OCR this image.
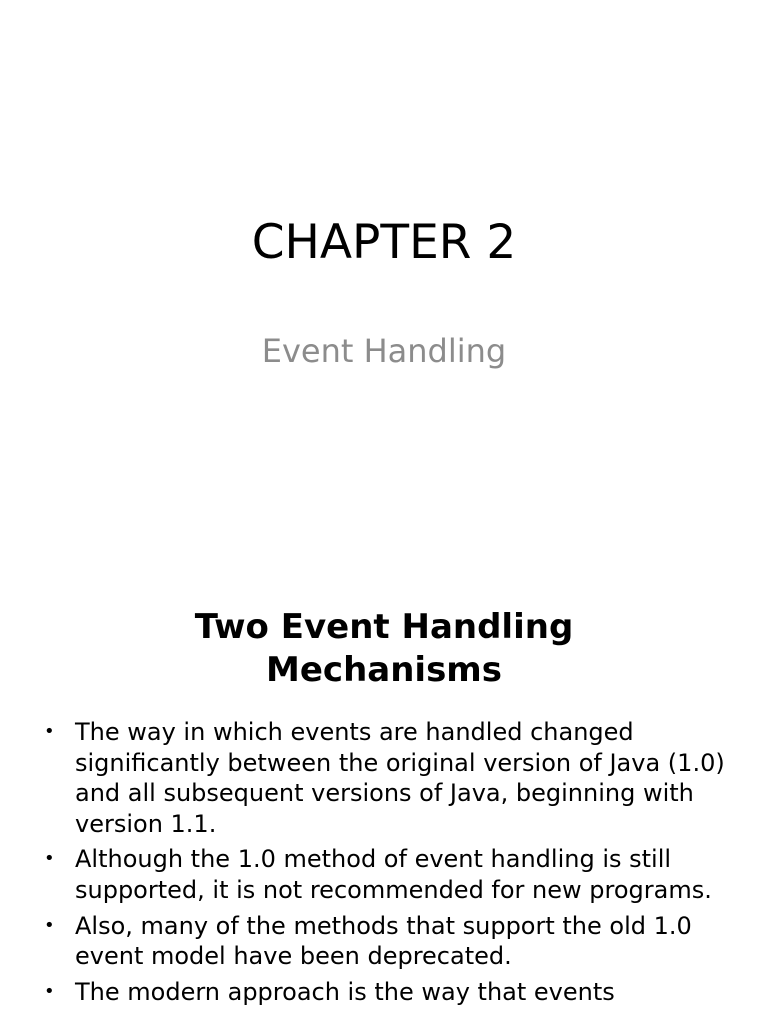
CHAPTER 2

Event Handling

Two Event Handling
Mechanisms
• The way in which events are handled changed significantly between the original version of Java (1.0) and all subsequent versions of Java, beginning with version 1.1.
• Although the 1.0 method of event handling is still supported, it is not recommended for new programs.
• Also, many of the methods that support the old 1.0 event model have been deprecated.
• The modern approach is the way that events
